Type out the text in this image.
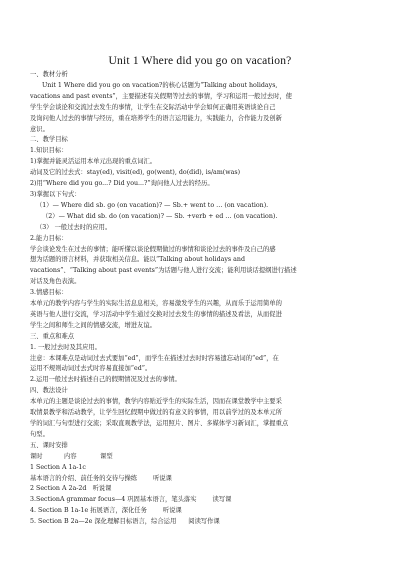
Unit 1 Where did you go on vacation?
一、教材分析
Unit 1 Where did you go on vacation?的核心话题为“Talking about holidays,
vacations and past events”，主要描述有关假期等过去的事情，学习和运用一般过去时，使
学生学会谈论和交流过去发生的事情，让学生在交际活动中学会如何正确用英语谈论自己
及询问他人过去的事情与经历，重在培养学生的语言运用能力，实践能力，合作能力及创新
意识。
二、教学目标
1.知识目标：
1)掌握并能灵活运用本单元出现的重点词汇。
动词及它的过去式：stay(ed), visit(ed), go(went), do(did), is/am(was)
2)用“Where did you go...? Did you...?”询问他人过去的经历。
3)掌握以下句式：
（1）— Where did sb. go (on vacation)? — Sb.+ went to … (on vacation).
（2）— What did sb. do (on vacation)? — Sb. +verb + ed … (on vacation).
（3） 一般过去时的应用。
2.能力目标：
学会谈论发生在过去的事情；能听懂以谈论假期做过的事情和谈论过去的事件及自己的感
想为话题的语言材料，并获取相关信息。能以“Talking about holidays and
vacations”、“Talking about past events”为话题与他人进行交流；能利用谈话提纲进行描述
对话及角色表演。
3.情感目标：
本单元的教学内容与学生的实际生活息息相关，容易激发学生的兴趣，从而乐于运用简单的
英语与他人进行交流，学习活动中学生通过交换对过去发生的事情的描述及看法，从而促进
学生之间和师生之间的情感交流，增进友谊。
三、重点和难点
1. 一般过去时及其应用。
注意：本课难点是动词过去式要加“ed”，而学生在描述过去时时容易遗忘动词的“ed”，在
运用不规则动词过去式时容易直接加“ed”。
2.运用一般过去时描述自己的假期情况及过去的事情。
四、教法设计
本单元的主题是谈论过去的事情，教学内容贴近学生的实际生活，因而在课堂教学中主要采
取情景教学和活动教学，让学生回忆假期中做过的有意义的事情，用以前学过的及本单元所
学的词汇与句型进行交流；采取直观教学法，运用照片、图片、多媒体学习新词汇，掌握重点
句型。
五、课时安排
课时	内容	课型
1 Section A 1a-1c
基本语言的介绍、前任务的交待与操练	听说课
2 Section A 2a-2d 听说课
3.SectionA grammar focus—4 巩固基本语言，笔头落实	读写课
4. Section B 1a-1e 拓展语言，深化任务	听说课
5. Section B 2a—2e 深化理解目标语言，综合运用 阅读写作课
